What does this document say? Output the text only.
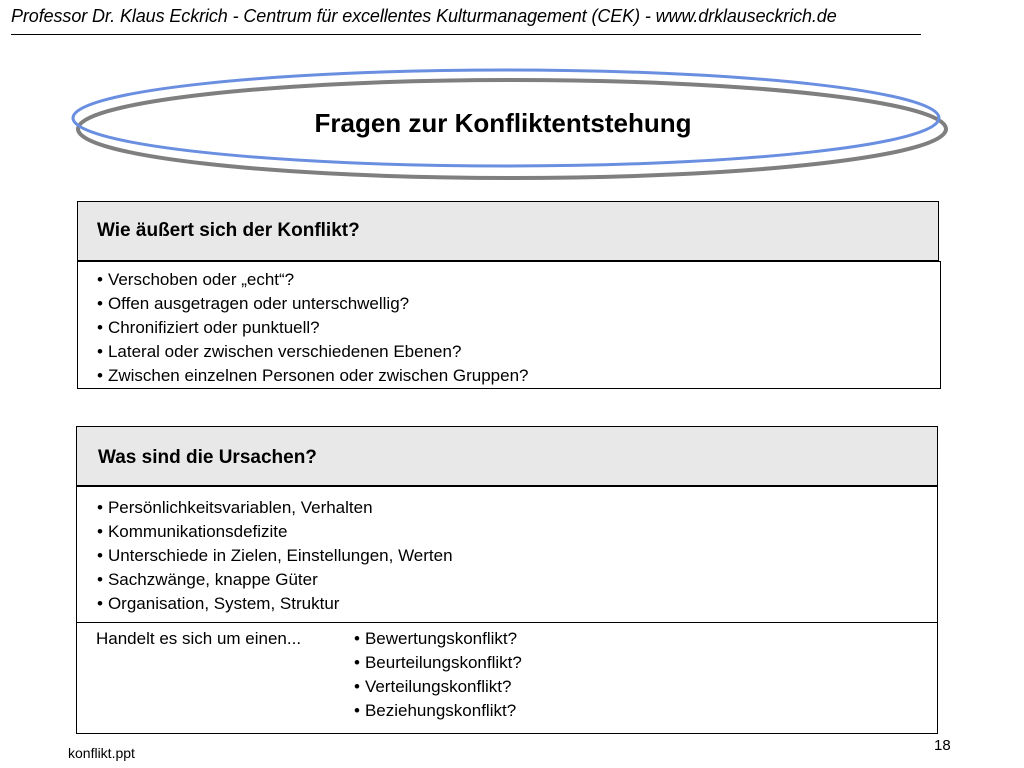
Professor Dr. Klaus Eckrich - Centrum für excellentes Kulturmanagement (CEK) - www.drklauseckrich.de
Fragen zur Konfliktentstehung
Wie äußert sich der Konflikt?
• Verschoben oder „echt“?
• Offen ausgetragen oder unterschwellig?
• Chronifiziert oder punktuell?
• Lateral oder zwischen verschiedenen Ebenen?
• Zwischen einzelnen Personen oder zwischen Gruppen?
Was sind die Ursachen?
• Persönlichkeitsvariablen, Verhalten
• Kommunikationsdefizite
• Unterschiede in Zielen, Einstellungen, Werten
• Sachzwänge, knappe Güter
• Organisation, System, Struktur
Handelt es sich um einen...
•	Bewertungskonflikt?
• Beurteilungskonflikt?
• Verteilungskonflikt?
• Beziehungskonflikt?
konflikt.ppt	18
